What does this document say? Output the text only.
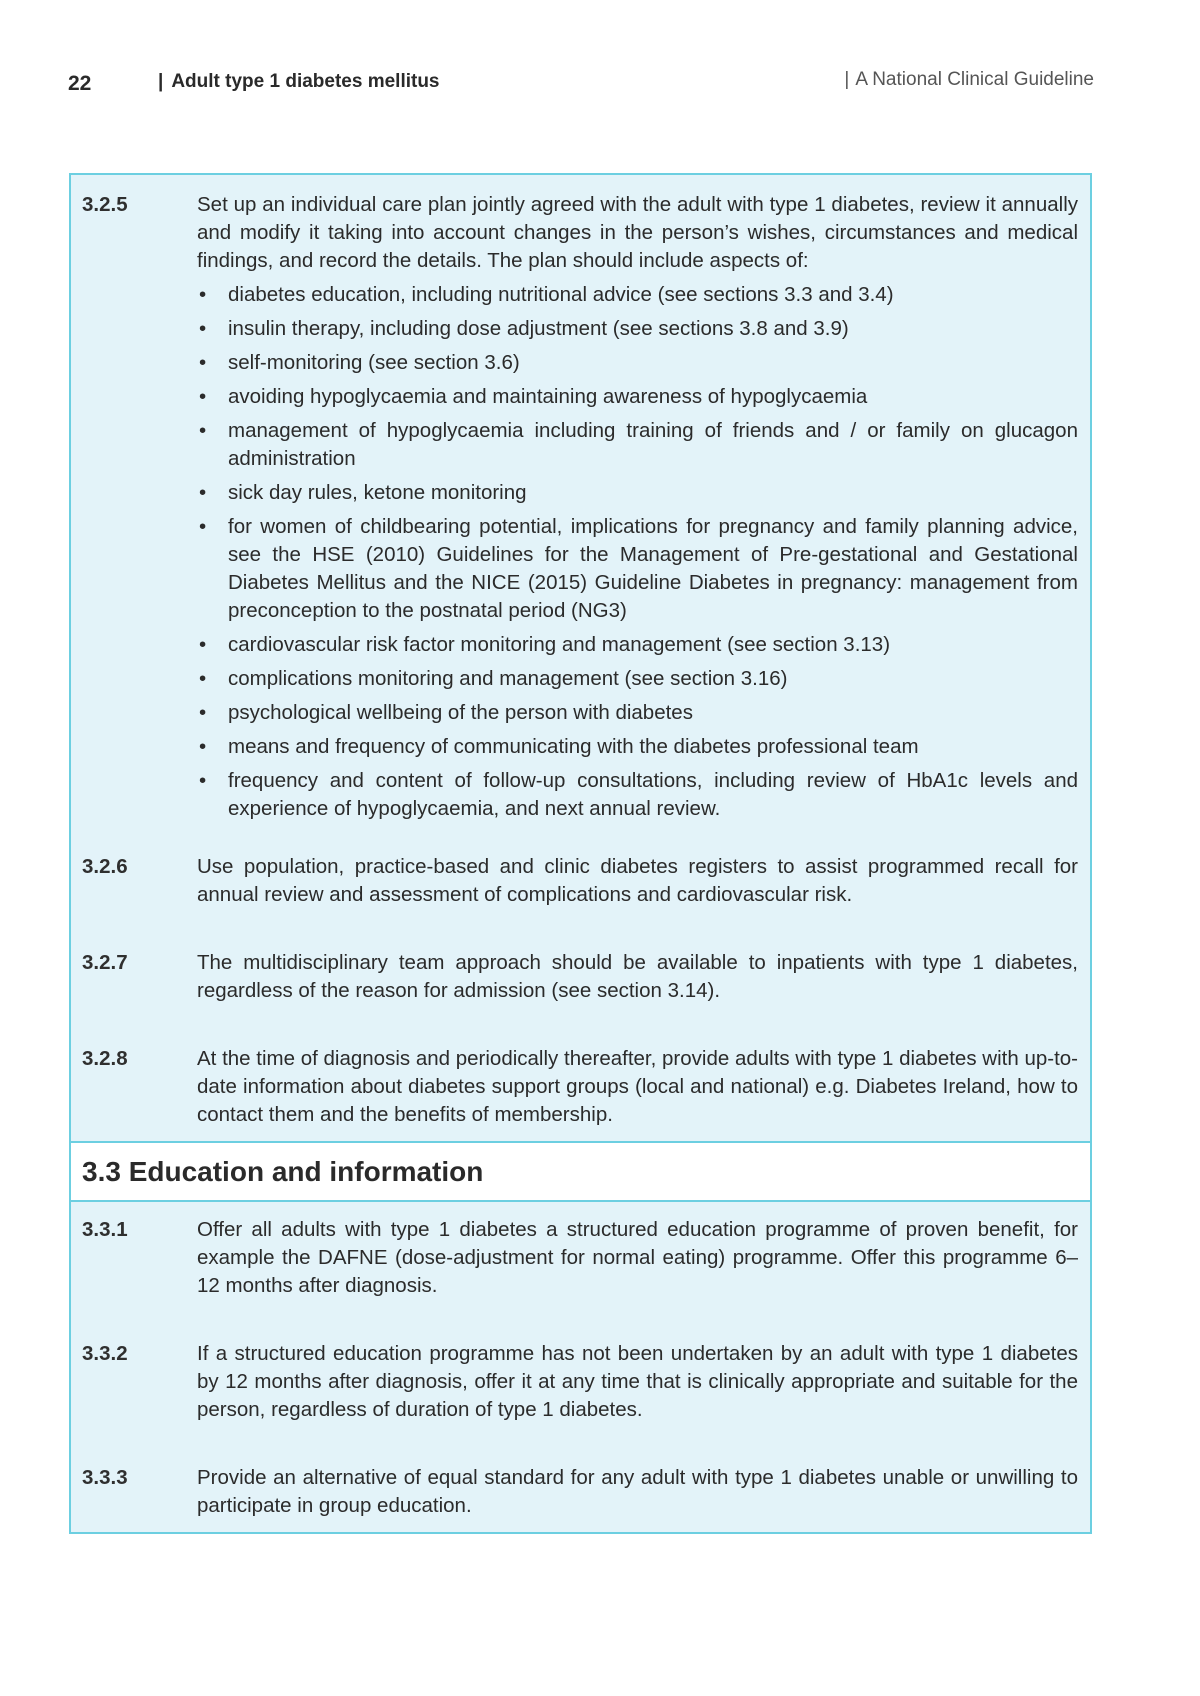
22	| Adult type 1 diabetes mellitus	| A National Clinical Guideline
3.2.5	Set up an individual care plan jointly agreed with the adult with type 1 diabetes, review it annually and modify it taking into account changes in the person’s wishes, circumstances and medical findings, and record the details. The plan should include aspects of:

• diabetes education, including nutritional advice (see sections 3.3 and 3.4)
• insulin therapy, including dose adjustment (see sections 3.8 and 3.9)
• self-monitoring (see section 3.6)
• avoiding hypoglycaemia and maintaining awareness of hypoglycaemia
• management of hypoglycaemia including training of friends and / or family on glucagon administration
• sick day rules, ketone monitoring
• for women of childbearing potential, implications for pregnancy and family planning advice, see the HSE (2010) Guidelines for the Management of Pre-gestational and Gestational Diabetes Mellitus and the NICE (2015) Guideline Diabetes in pregnancy: management from preconception to the postnatal period (NG3)
• cardiovascular risk factor monitoring and management (see section 3.13)
• complications monitoring and management (see section 3.16)
• psychological wellbeing of the person with diabetes
• means and frequency of communicating with the diabetes professional team
• frequency and content of follow-up consultations, including review of HbA1c levels and experience of hypoglycaemia, and next annual review.
3.2.6	Use population, practice-based and clinic diabetes registers to assist programmed recall for annual review and assessment of complications and cardiovascular risk.

3.2.7	The multidisciplinary team approach should be available to inpatients with type 1 diabetes, regardless of the reason for admission (see section 3.14).

3.2.8	At the time of diagnosis and periodically thereafter, provide adults with type 1 diabetes with up-to-date information about diabetes support groups (local and national) e.g. Diabetes Ireland, how to contact them and the benefits of membership.

3.3 Education and information
3.3.1	Offer all adults with type 1 diabetes a structured education programme of proven benefit, for example the DAFNE (dose-adjustment for normal eating) programme. Offer this programme 6–12 months after diagnosis.

3.3.2	If a structured education programme has not been undertaken by an adult with type 1 diabetes by 12 months after diagnosis, offer it at any time that is clinically appropriate and suitable for the person, regardless of duration of type 1 diabetes.

3.3.3	Provide an alternative of equal standard for any adult with type 1 diabetes unable or unwilling to participate in group education.
